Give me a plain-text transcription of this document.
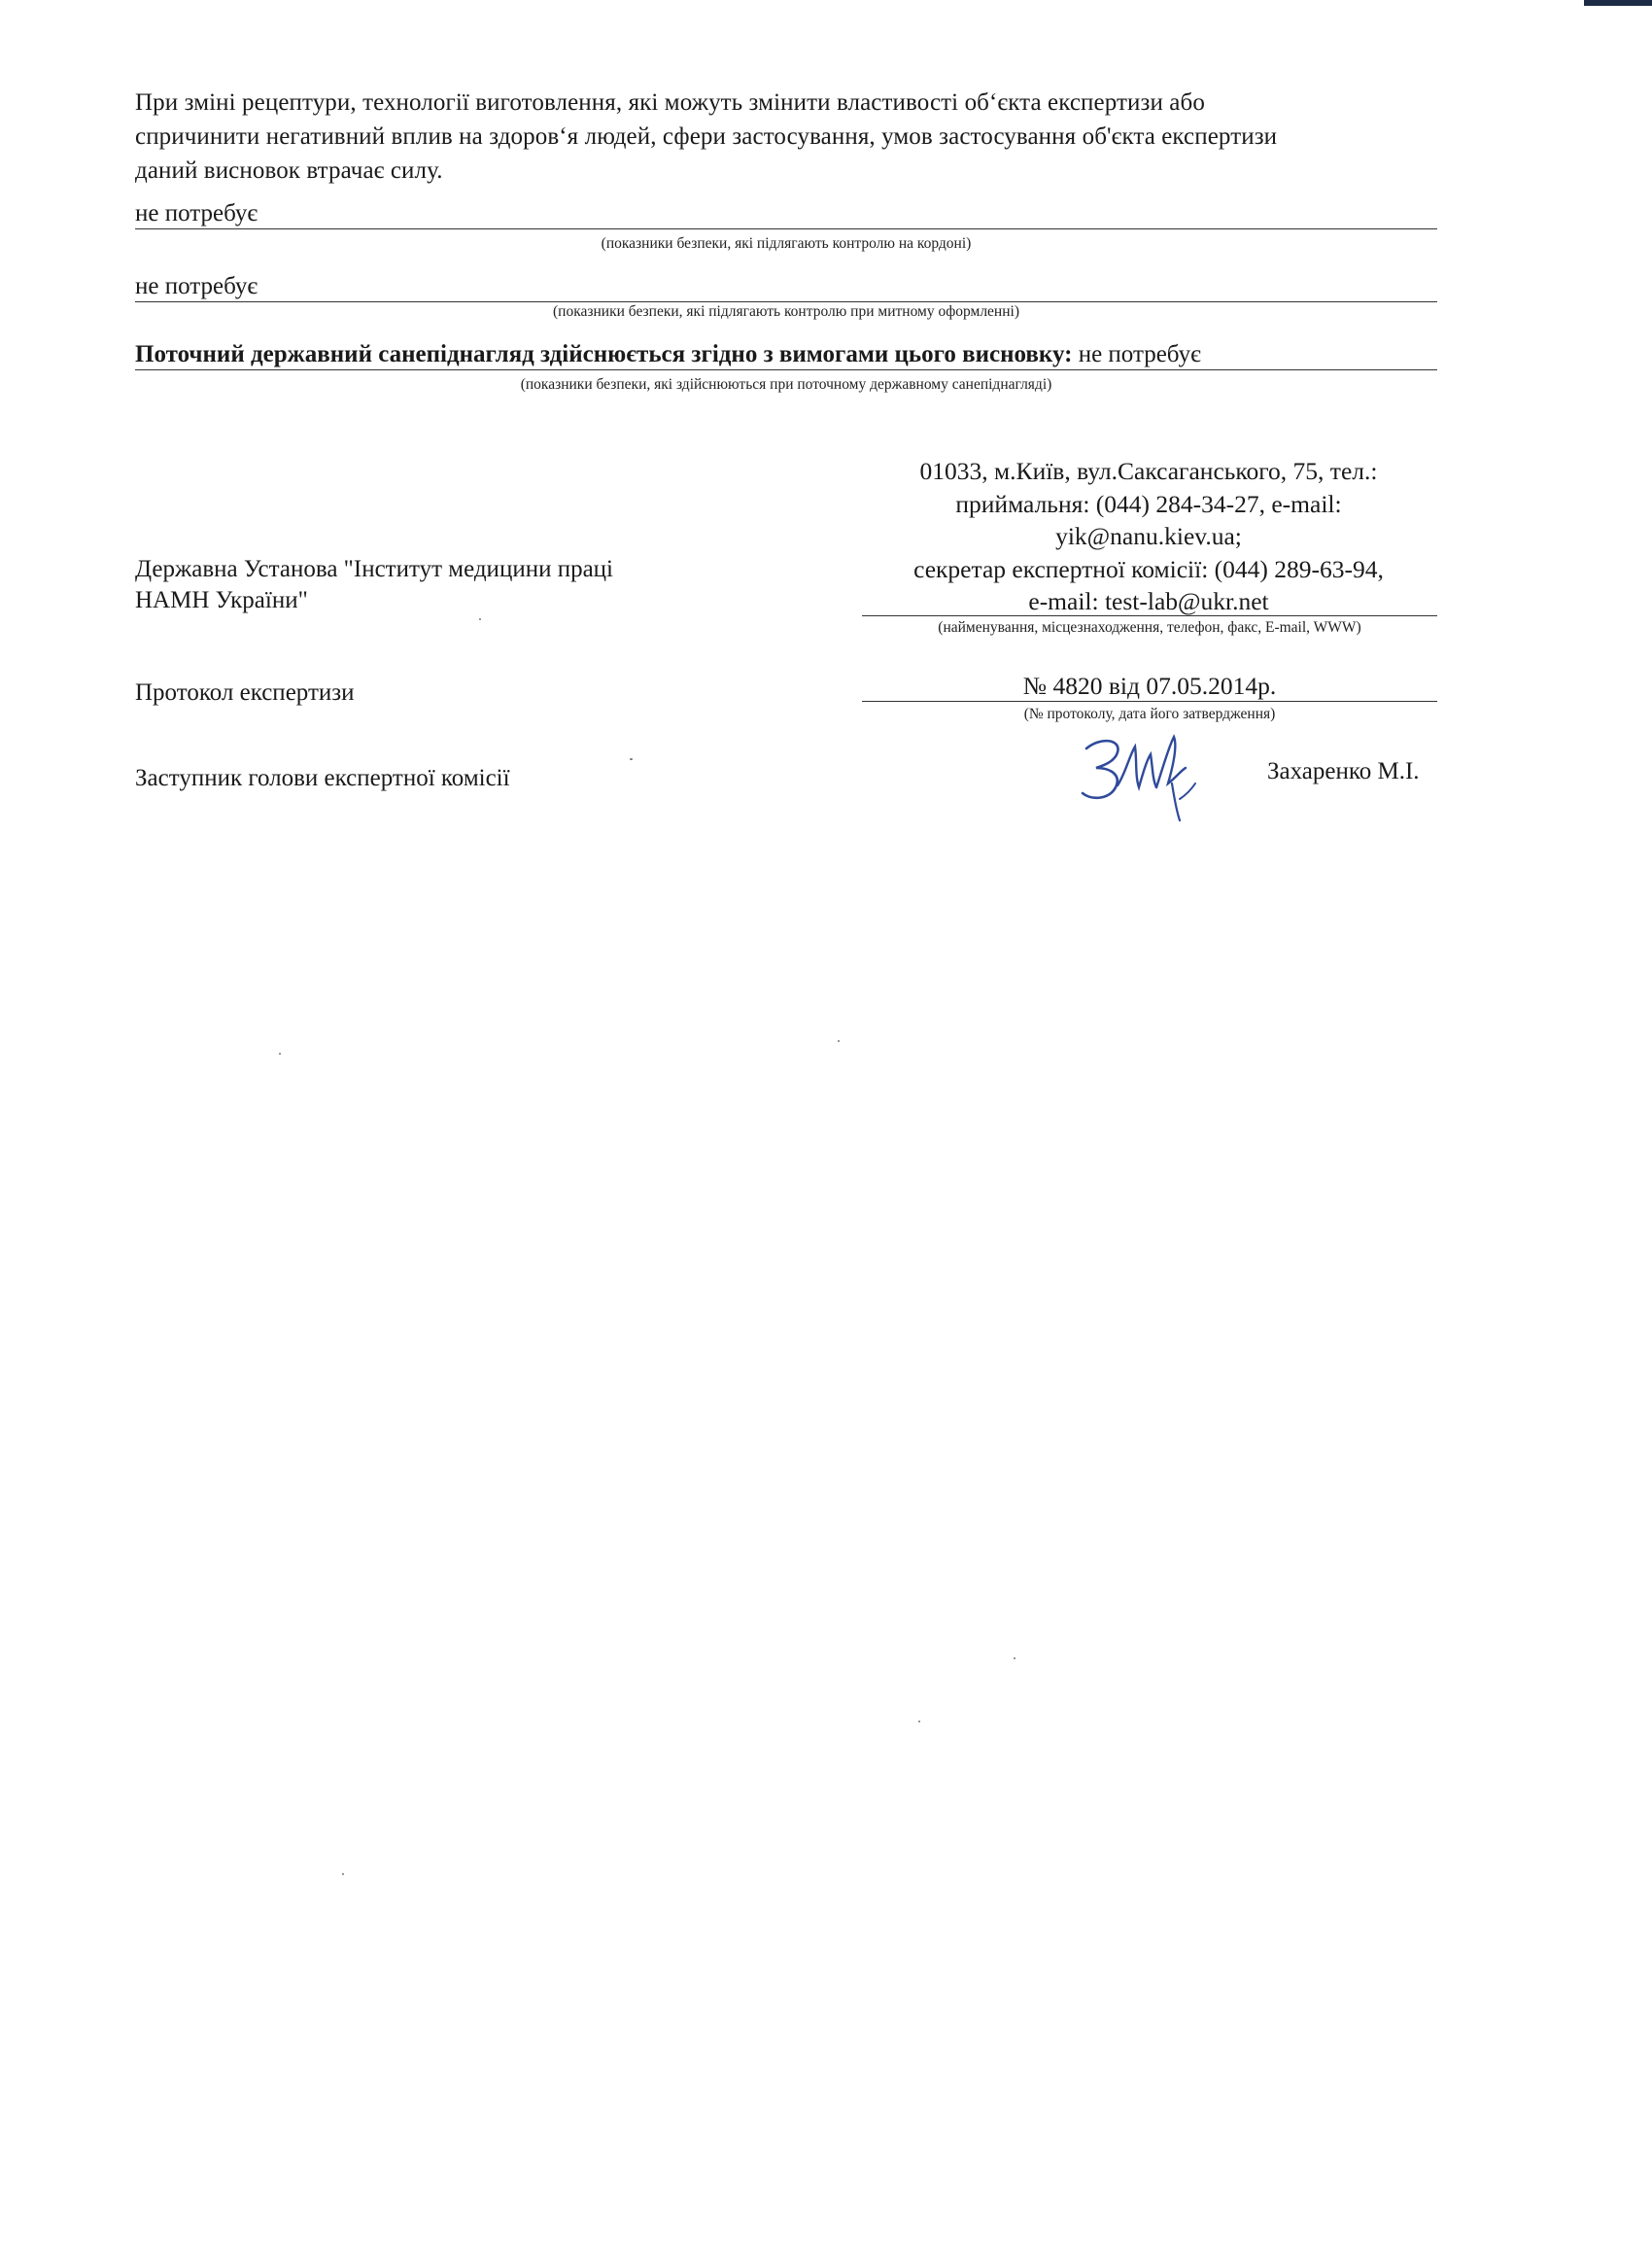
При зміні рецептури, технології виготовлення, які можуть змінити властивості об‘єкта експертизи або
спричинити негативний вплив на здоров‘я людей, сфери застосування, умов застосування об'єкта експертизи
даний висновок втрачає силу.
не потребує
(показники безпеки, які підлягають контролю на кордоні)
не потребує
(показники безпеки, які підлягають контролю при митному оформленні)
Поточний державний санепіднагляд здійснюється згідно з вимогами цього висновку: не потребує
(показники безпеки, які здійснюються при поточному державному санепіднагляді)
Державна Установа "Інститут медицини праці
НАМН України"
01033, м.Київ, вул.Саксаганського, 75, тел.:
приймальня: (044) 284-34-27, e-mail:
yik@nanu.kiev.ua;
секретар експертної комісії: (044) 289-63-94,
e-mail: test-lab@ukr.net
(найменування, місцезнаходження, телефон, факс, E-mail, WWW)
Протокол експертизи	№ 4820 від 07.05.2014р.
(№ протоколу, дата його затвердження)
Заступник голови експертної комісії	Захаренко М.І.
